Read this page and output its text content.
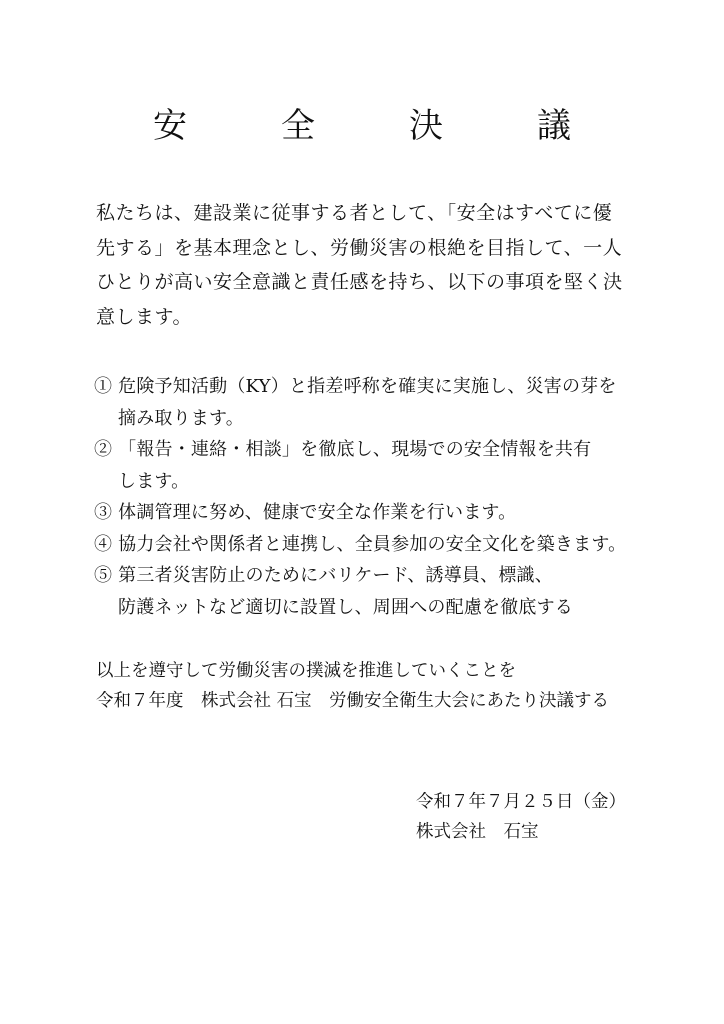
安　全　決　議
私たちは、建設業に従事する者として、「安全はすべてに優
先する」を基本理念とし、労働災害の根絶を目指して、一人
ひとりが高い安全意識と責任感を持ち、以下の事項を堅く決
意します。
① 危険予知活動（KY）と指差呼称を確実に実施し、災害の芽を
摘み取ります。
② 「報告・連絡・相談」を徹底し、現場での安全情報を共有
します。
③ 体調管理に努め、健康で安全な作業を行います。
④ 協力会社や関係者と連携し、全員参加の安全文化を築きます。
⑤ 第三者災害防止のためにバリケード、誘導員、標識、
防護ネットなど適切に設置し、周囲への配慮を徹底する
以上を遵守して労働災害の撲滅を推進していくことを
令和７年度　株式会社 石宝　労働安全衛生大会にあたり決議する
令和７年７月２５日（金）
株式会社　石宝
